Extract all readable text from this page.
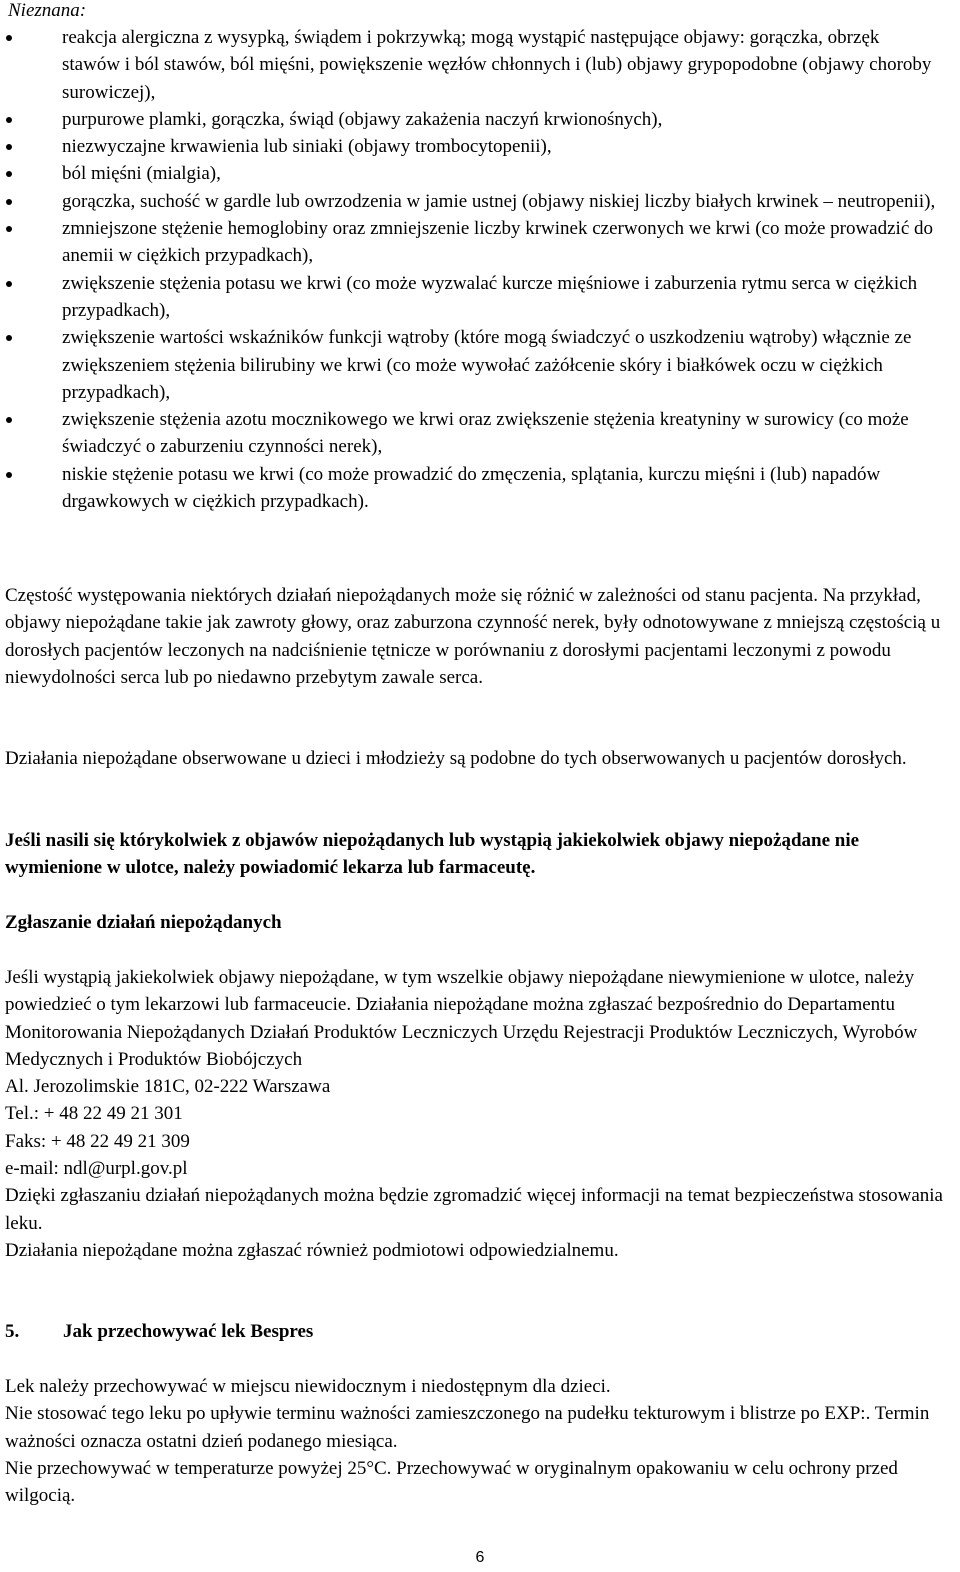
Nieznana:

reakcja alergiczna z wysypką, świądem i pokrzywką; mogą wystąpić następujące objawy: gorączka, obrzęk stawów i ból stawów, ból mięśni, powiększenie węzłów chłonnych i (lub) objawy grypopodobne (objawy choroby surowiczej),
purpurowe plamki, gorączka, świąd (objawy zakażenia naczyń krwionośnych),
niezwyczajne krwawienia lub siniaki (objawy trombocytopenii),
ból mięśni (mialgia),
gorączka, suchość w gardle lub owrzodzenia w jamie ustnej (objawy niskiej liczby białych krwinek – neutropenii),
zmniejszone stężenie hemoglobiny oraz zmniejszenie liczby krwinek czerwonych we krwi (co może prowadzić do anemii w ciężkich przypadkach),
zwiększenie stężenia potasu we krwi (co może wyzwalać kurcze mięśniowe i zaburzenia rytmu serca w ciężkich przypadkach),
zwiększenie wartości wskaźników funkcji wątroby (które mogą świadczyć o uszkodzeniu wątroby) włącznie ze zwiększeniem stężenia bilirubiny we krwi (co może wywołać zażółcenie skóry i białkówek oczu w ciężkich przypadkach),
zwiększenie stężenia azotu mocznikowego we krwi oraz zwiększenie stężenia kreatyniny w surowicy (co może świadczyć o zaburzeniu czynności nerek),
niskie stężenie potasu we krwi (co może prowadzić do zmęczenia, splątania, kurczu mięśni i (lub) napadów drgawkowych w ciężkich przypadkach).

Częstość występowania niektórych działań niepożądanych może się różnić w zależności od stanu pacjenta. Na przykład, objawy niepożądane takie jak zawroty głowy, oraz zaburzona czynność nerek, były odnotowywane z mniejszą częstością u dorosłych pacjentów leczonych na nadciśnienie tętnicze w porównaniu z dorosłymi pacjentami leczonymi z powodu niewydolności serca lub po niedawno przebytym zawale serca.

Działania niepożądane obserwowane u dzieci i młodzieży są podobne do tych obserwowanych u pacjentów dorosłych.

Jeśli nasili się którykolwiek z objawów niepożądanych lub wystąpią jakiekolwiek objawy niepożądane nie wymienione w ulotce, należy powiadomić lekarza lub farmaceutę.

Zgłaszanie działań niepożądanych

Jeśli wystąpią jakiekolwiek objawy niepożądane, w tym wszelkie objawy niepożądane niewymienione w ulotce, należy powiedzieć o tym lekarzowi lub farmaceucie. Działania niepożądane można zgłaszać bezpośrednio do Departamentu Monitorowania Niepożądanych Działań Produktów Leczniczych Urzędu Rejestracji Produktów Leczniczych, Wyrobów Medycznych i Produktów Biobójczych
Al. Jerozolimskie 181C, 02-222 Warszawa
Tel.: + 48 22 49 21 301
Faks: + 48 22 49 21 309
e-mail: ndl@urpl.gov.pl
Dzięki zgłaszaniu działań niepożądanych można będzie zgromadzić więcej informacji na temat bezpieczeństwa stosowania leku.
Działania niepożądane można zgłaszać również podmiotowi odpowiedzialnemu.

5. Jak przechowywać lek Bespres

Lek należy przechowywać w miejscu niewidocznym i niedostępnym dla dzieci.
Nie stosować tego leku po upływie terminu ważności zamieszczonego na pudełku tekturowym i blistrze po EXP:. Termin ważności oznacza ostatni dzień podanego miesiąca.
Nie przechowywać w temperaturze powyżej 25°C. Przechowywać w oryginalnym opakowaniu w celu ochrony przed wilgocią.

6
